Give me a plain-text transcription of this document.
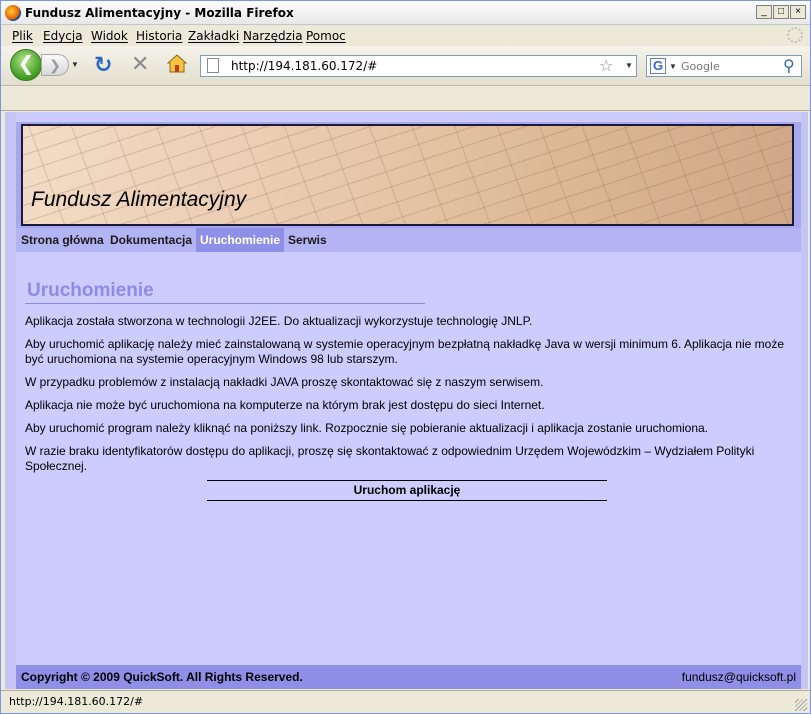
Fundusz Alimentacyjny - Mozilla Firefox	_	□	×
Plik Edycja Widok Historia Zakładki Narzędzia Pomoc
❮	❯	▼ ↻ ✕	http://194.181.60.172/#	☆ ▼ G ▼
Google	⚲
Fundusz Alimentacyjny
Strona główna Dokumentacja Uruchomienie Serwis
Uruchomienie

Aplikacja została stworzona w technologii J2EE. Do aktualizacji wykorzystuje technologię JNLP.

Aby uruchomić aplikację należy mieć zainstalowaną w systemie operacyjnym bezpłatną nakładkę Java w wersji minimum 6. Aplikacja nie może być uruchomiona na systemie operacyjnym Windows 98 lub starszym.

W przypadku problemów z instalacją nakładki JAVA proszę skontaktować się z naszym serwisem.

Aplikacja nie może być uruchomiona na komputerze na którym brak jest dostępu do sieci Internet.

Aby uruchomić program należy kliknąć na poniższy link. Rozpocznie się pobieranie aktualizacji i aplikacja zostanie uruchomiona.

W razie braku identyfikatorów dostępu do aplikacji, proszę się skontaktować z odpowiednim Urzędem Wojewódzkim – Wydziałem Polityki Społecznej.

Uruchom aplikację
Copyright © 2009 QuickSoft. All Rights Reserved.	fundusz@quicksoft.pl
http://194.181.60.172/#
